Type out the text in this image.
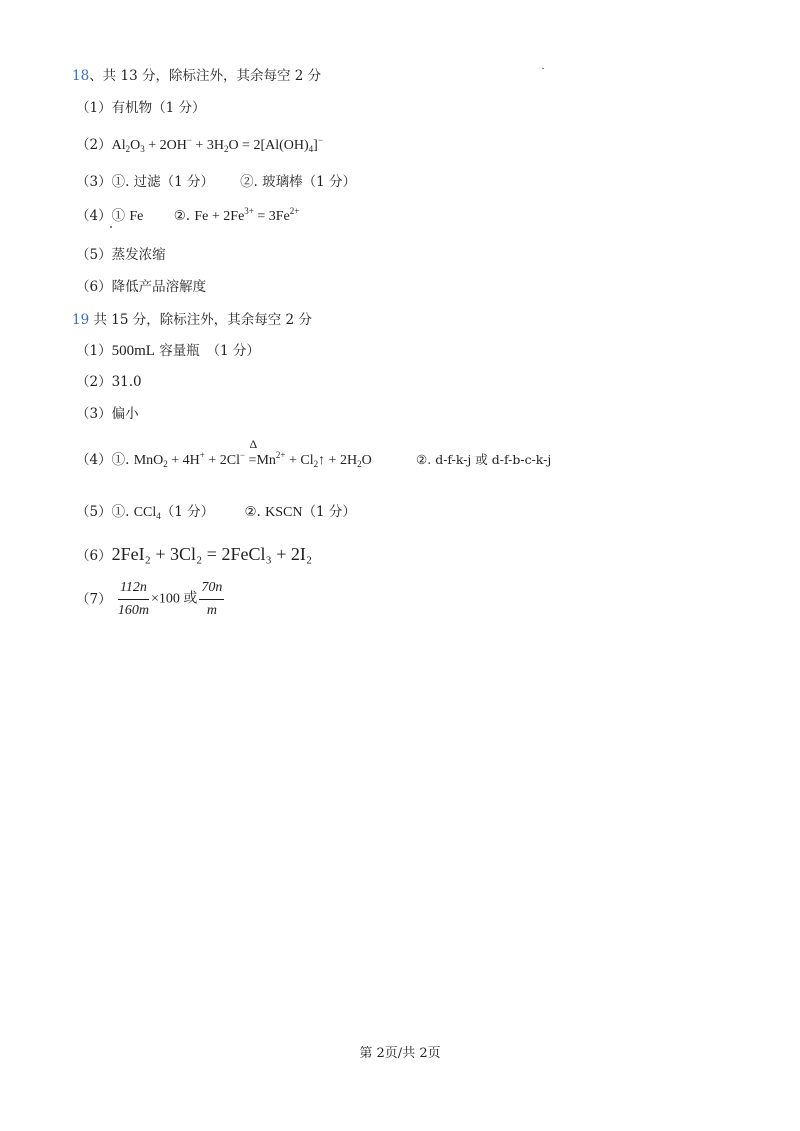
18、共 13 分，除标注外，其余每空 2 分
（1）有机物（1 分）
$(2)Al_2O_3 + 2OH^- + 3H_2O = 2[Al(OH)_4]^-$
（3）①. 过滤（1 分） ②. 玻璃棒（1 分）
（4）① Fe ②. $Fe + 2Fe^{3+} = 3Fe^{2+}$
（5）蒸发浓缩
（6）降低产品溶解度
19 共 15 分，除标注外，其余每空 2 分
（1）500mL 容量瓶　（1 分）
（2）31.0
（3）偏小
（4）①. MnO$_2$ + 4H+ + 2Cl−
Δ
$=Mn^{2+}$ + $Cl_2↑ + 2H_2O$	②. d-f-k-j 或 d-f-b-c-k-j
（5）①. CCl$_4$（1 分） ②. KSCN（1 分）
（6）2FeI₂ + 3Cl₂ = 2FeCl₃ + 2I₂
$(7) \frac{112n}{160m} \times 100$ 或 $\frac{70n}{m}$
第 2页/共 2页
